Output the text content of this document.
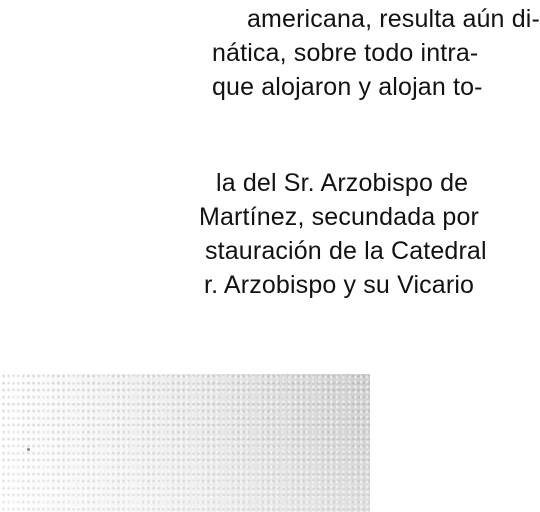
americana, resulta aún di-
nática, sobre todo intra-
que alojaron y alojan to-
la del Sr. Arzobispo de
Martínez, secundada por
stauración de la Catedral
r. Arzobispo y su Vicario
